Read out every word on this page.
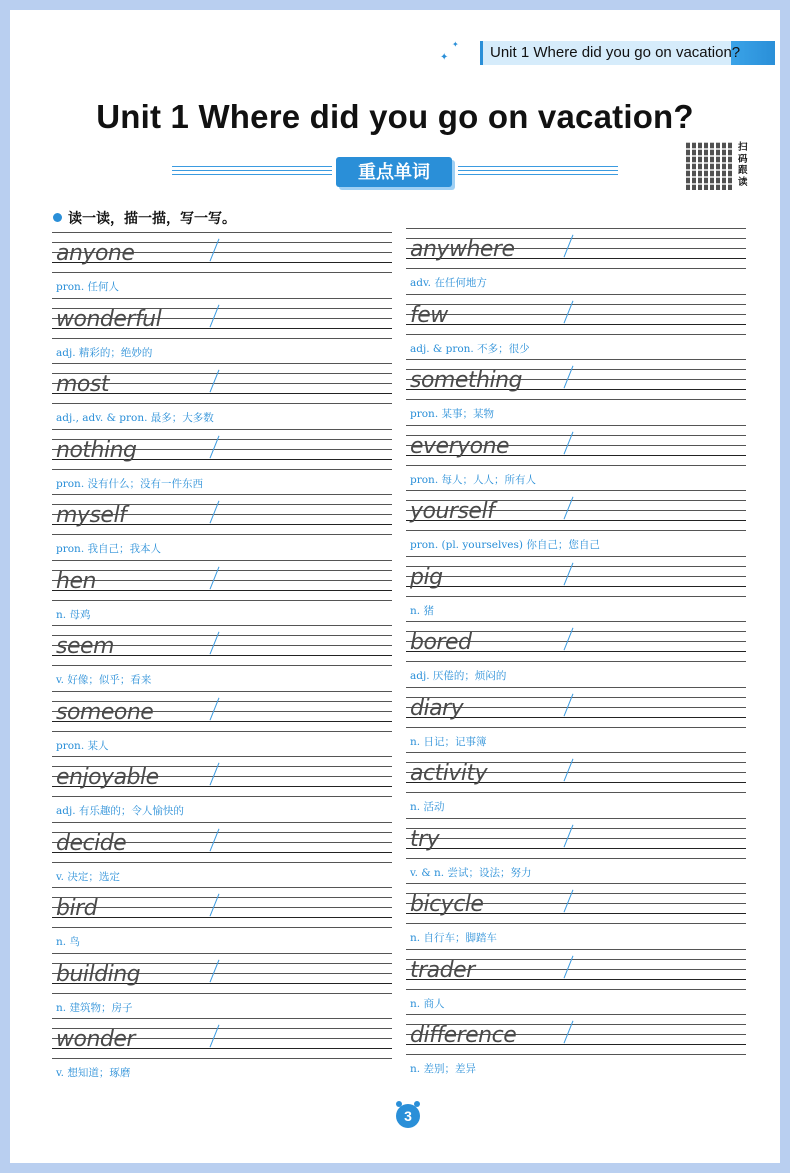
✦
✦ Unit 1 Where did you go on vacation?
Unit 1 Where did you go on vacation?
重点单词
扫码跟读
读一读，描一描，写一写。
anyone
pron. 任何人
wonderful
adj. 精彩的；绝妙的
most
adj., adv. & pron. 最多；大多数
nothing
pron. 没有什么；没有一件东西
myself
pron. 我自己；我本人
hen
n. 母鸡
seem
v. 好像；似乎；看来
someone
pron. 某人
enjoyable
adj. 有乐趣的；令人愉快的
decide
v. 决定；选定
bird
n. 鸟
building
n. 建筑物；房子
wonder
v. 想知道；琢磨
anywhere
adv. 在任何地方
few
adj. & pron. 不多；很少
something
pron. 某事；某物
everyone
pron. 每人；人人；所有人
yourself
pron. (pl. yourselves) 你自己；您自己
pig
n. 猪
bored
adj. 厌倦的；烦闷的
diary
n. 日记；记事簿
activity
n. 活动
try
v. & n. 尝试；设法；努力
bicycle
n. 自行车；脚踏车
trader
n. 商人
difference
n. 差别；差异
3
